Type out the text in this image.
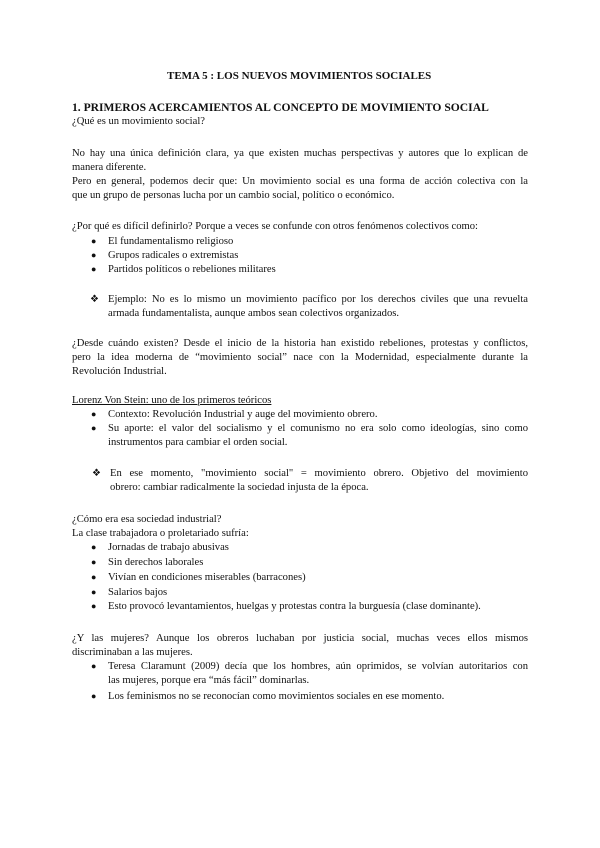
TEMA 5 : LOS NUEVOS MOVIMIENTOS SOCIALES
1. PRIMEROS ACERCAMIENTOS AL CONCEPTO DE MOVIMIENTO SOCIAL
¿Qué es un movimiento social?
No hay una única definición clara, ya que existen muchas perspectivas y autores que lo explican de
manera diferente.
Pero en general, podemos decir que: Un movimiento social es una forma de acción colectiva con la
que un grupo de personas lucha por un cambio social, político o económico.
¿Por qué es difícil definirlo? Porque a veces se confunde con otros fenómenos colectivos como:
● El fundamentalismo religioso
● Grupos radicales o extremistas
● Partidos políticos o rebeliones militares
❖ Ejemplo: No es lo mismo un movimiento pacífico por los derechos civiles que una revuelta
armada fundamentalista, aunque ambos sean colectivos organizados.
¿Desde cuándo existen? Desde el inicio de la historia han existido rebeliones, protestas y conflictos,
pero la idea moderna de “movimiento social” nace con la Modernidad, especialmente durante la
Revolución Industrial.
Lorenz Von Stein: uno de los primeros teóricos
● Contexto: Revolución Industrial y auge del movimiento obrero.
● Su aporte: el valor del socialismo y el comunismo no era solo como ideologías, sino como
instrumentos para cambiar el orden social.
❖ En ese momento, "movimiento social" = movimiento obrero. Objetivo del movimiento
obrero: cambiar radicalmente la sociedad injusta de la época.
¿Cómo era esa sociedad industrial?
La clase trabajadora o proletariado sufría:
● Jornadas de trabajo abusivas
● Sin derechos laborales
● Vivían en condiciones miserables (barracones)
● Salarios bajos
● Esto provocó levantamientos, huelgas y protestas contra la burguesía (clase dominante).
¿Y las mujeres? Aunque los obreros luchaban por justicia social, muchas veces ellos mismos
discriminaban a las mujeres.
● Teresa Claramunt (2009) decía que los hombres, aún oprimidos, se volvían autoritarios con
las mujeres, porque era “más fácil” dominarlas.
● Los feminismos no se reconocían como movimientos sociales en ese momento.
